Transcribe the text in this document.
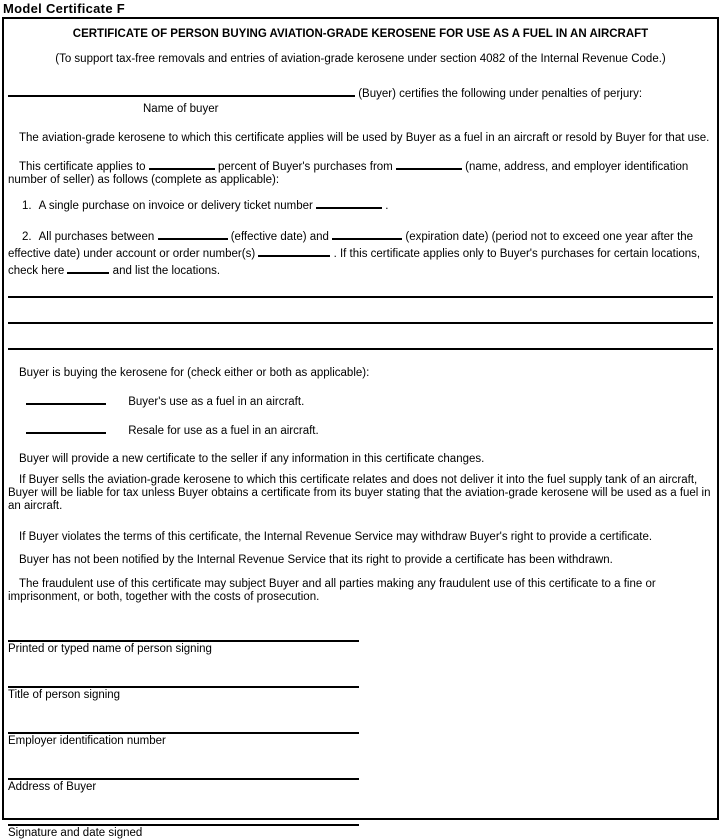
Model Certificate F
CERTIFICATE OF PERSON BUYING AVIATION-GRADE KEROSENE FOR USE AS A FUEL IN AN AIRCRAFT
(To support tax-free removals and entries of aviation-grade kerosene under section 4082 of the Internal Revenue Code.)
(Buyer) certifies the following under penalties of perjury:
Name of buyer

The aviation-grade kerosene to which this certificate applies will be used by Buyer as a fuel in an aircraft or resold by Buyer for that use.

This certificate applies to	percent of Buyer's purchases from	(name, address, and employer identification number of seller) as follows (complete as applicable):

1. A single purchase on invoice or delivery ticket number	.

2. All purchases between	(effective date) and	(expiration date) (period not to exceed one year after the effective date) under account or order number(s)	. If this certificate applies only to Buyer's purchases for certain locations, check here	and list the locations.

Buyer is buying the kerosene for (check either or both as applicable):

Buyer's use as a fuel in an aircraft.
Resale for use as a fuel in an aircraft.

Buyer will provide a new certificate to the seller if any information in this certificate changes.

If Buyer sells the aviation-grade kerosene to which this certificate relates and does not deliver it into the fuel supply tank of an aircraft, Buyer will be liable for tax unless Buyer obtains a certificate from its buyer stating that the aviation-grade kerosene will be used as a fuel in an aircraft.

If Buyer violates the terms of this certificate, the Internal Revenue Service may withdraw Buyer's right to provide a certificate.

Buyer has not been notified by the Internal Revenue Service that its right to provide a certificate has been withdrawn.

The fraudulent use of this certificate may subject Buyer and all parties making any fraudulent use of this certificate to a fine or imprisonment, or both, together with the costs of prosecution.

Printed or typed name of person signing
Title of person signing
Employer identification number
Address of Buyer
Signature and date signed
